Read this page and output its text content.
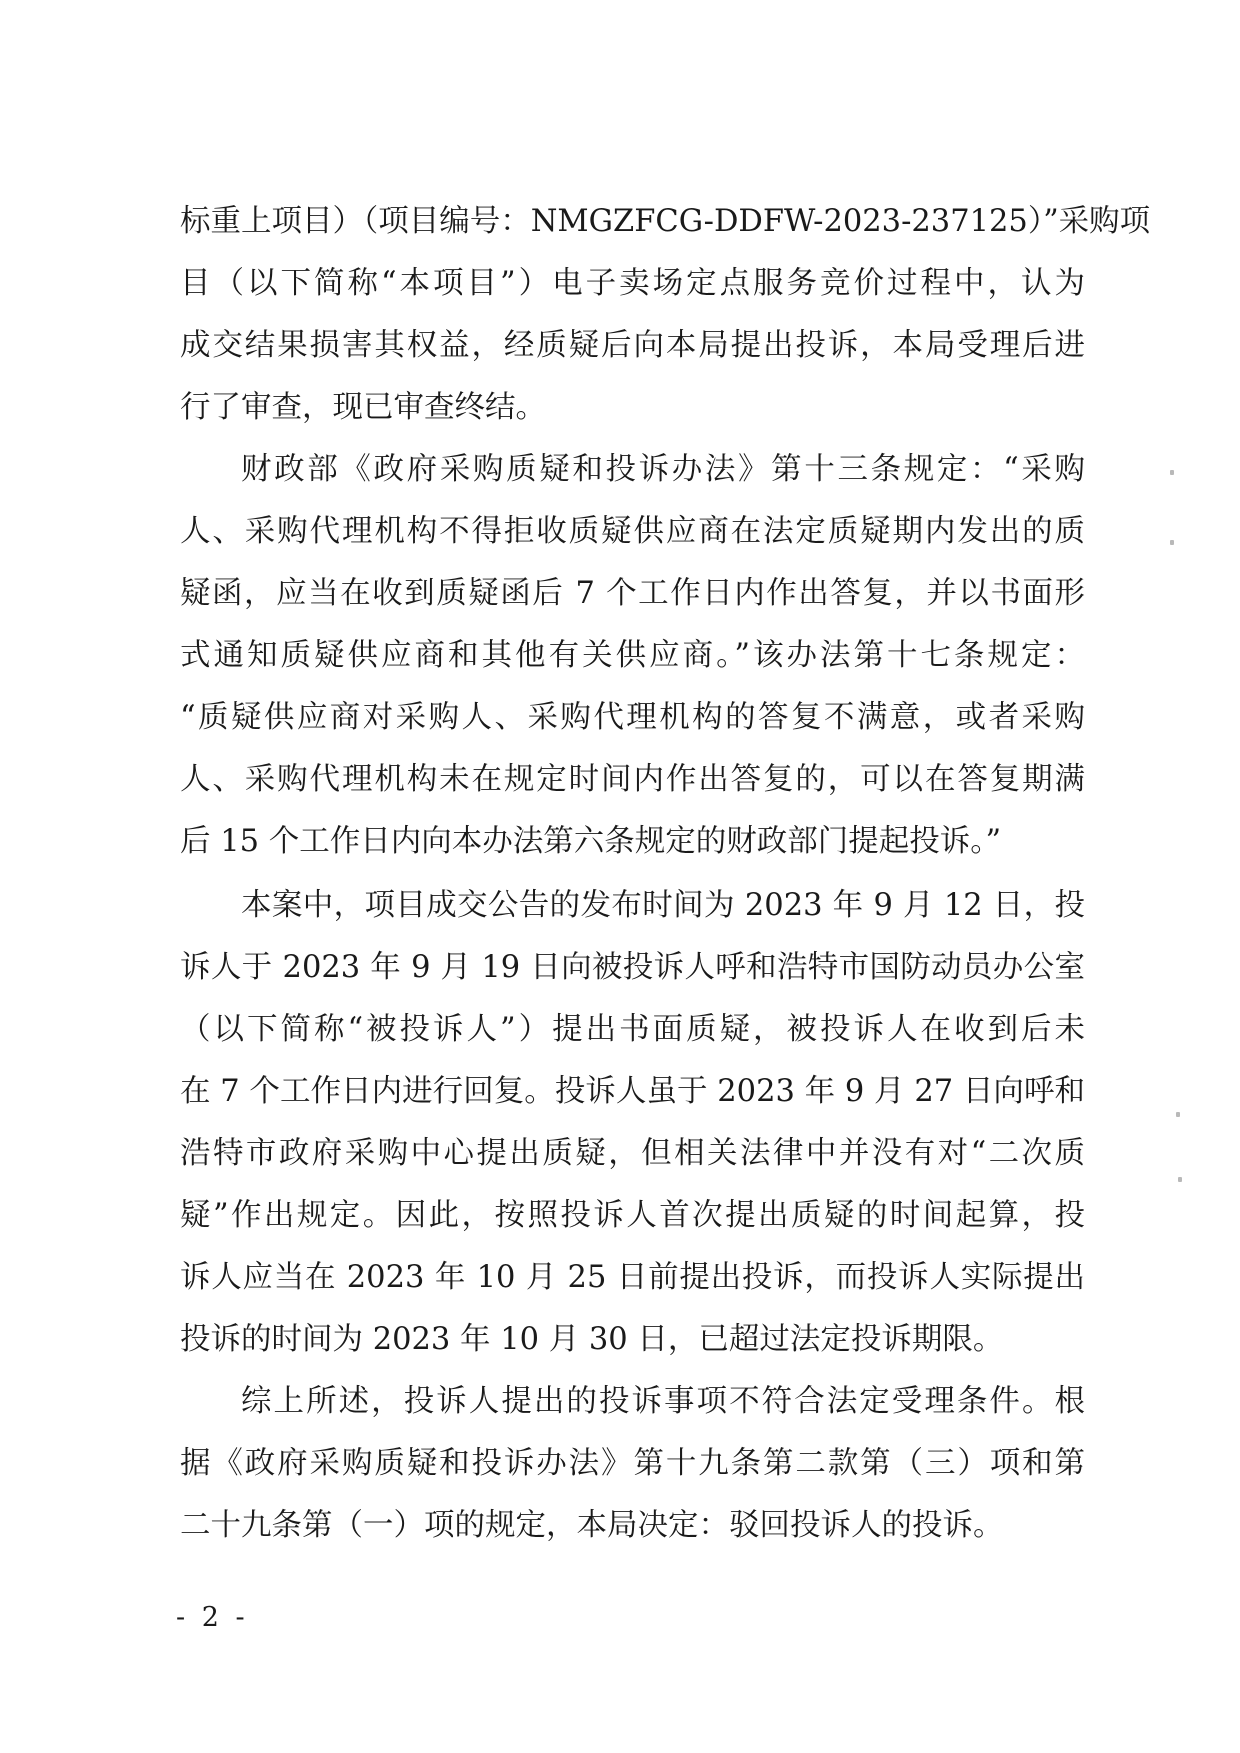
标重上项目）（项目编号：NMGZFCG-DDFW-2023-237125）”采购项
目（以下简称“本项目”）电子卖场定点服务竞价过程中，认为
成交结果损害其权益，经质疑后向本局提出投诉，本局受理后进
行了审查，现已审查终结。
财政部《政府采购质疑和投诉办法》第十三条规定：“采购
人、采购代理机构不得拒收质疑供应商在法定质疑期内发出的质
疑函，应当在收到质疑函后 7 个工作日内作出答复，并以书面形
式通知质疑供应商和其他有关供应商。”该办法第十七条规定：
“质疑供应商对采购人、采购代理机构的答复不满意，或者采购
人、采购代理机构未在规定时间内作出答复的，可以在答复期满
后 15 个工作日内向本办法第六条规定的财政部门提起投诉。”
本案中，项目成交公告的发布时间为 2023 年 9 月 12 日，投
诉人于 2023 年 9 月 19 日向被投诉人呼和浩特市国防动员办公室
（以下简称“被投诉人”）提出书面质疑，被投诉人在收到后未
在 7 个工作日内进行回复。投诉人虽于 2023 年 9 月 27 日向呼和
浩特市政府采购中心提出质疑，但相关法律中并没有对“二次质
疑”作出规定。因此，按照投诉人首次提出质疑的时间起算，投
诉人应当在 2023 年 10 月 25 日前提出投诉，而投诉人实际提出
投诉的时间为 2023 年 10 月 30 日，已超过法定投诉期限。
综上所述，投诉人提出的投诉事项不符合法定受理条件。根
据《政府采购质疑和投诉办法》第十九条第二款第（三）项和第
二十九条第（一）项的规定，本局决定：驳回投诉人的投诉。
- 2 -
